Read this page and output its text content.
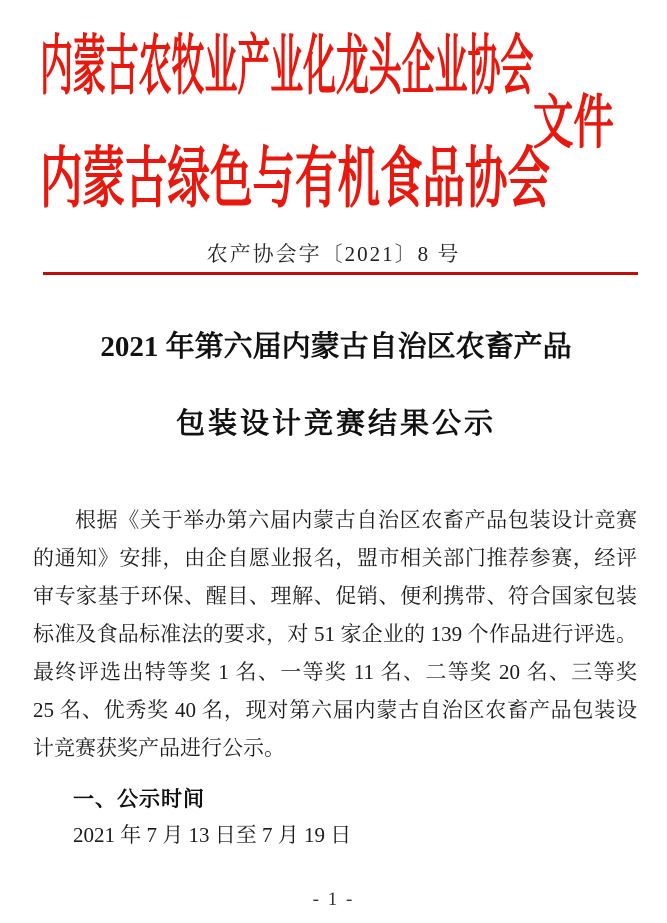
内蒙古农牧业产业化龙头企业协会
文件
内蒙古绿色与有机食品协会
农产协会字〔2021〕8 号
2021 年第六届内蒙古自治区农畜产品
包装设计竞赛结果公示
根据《关于举办第六届内蒙古自治区农畜产品包装设计竞赛
的通知》安排，由企自愿业报名，盟市相关部门推荐参赛，经评
审专家基于环保、醒目、理解、促销、便利携带、符合国家包装
标准及食品标准法的要求，对 51 家企业的 139 个作品进行评选。
最终评选出特等奖 1 名、一等奖 11 名、二等奖 20 名、三等奖
25 名、优秀奖 40 名，现对第六届内蒙古自治区农畜产品包装设
计竞赛获奖产品进行公示。
一、公示时间
2021 年 7 月 13 日至 7 月 19 日
- 1 -
